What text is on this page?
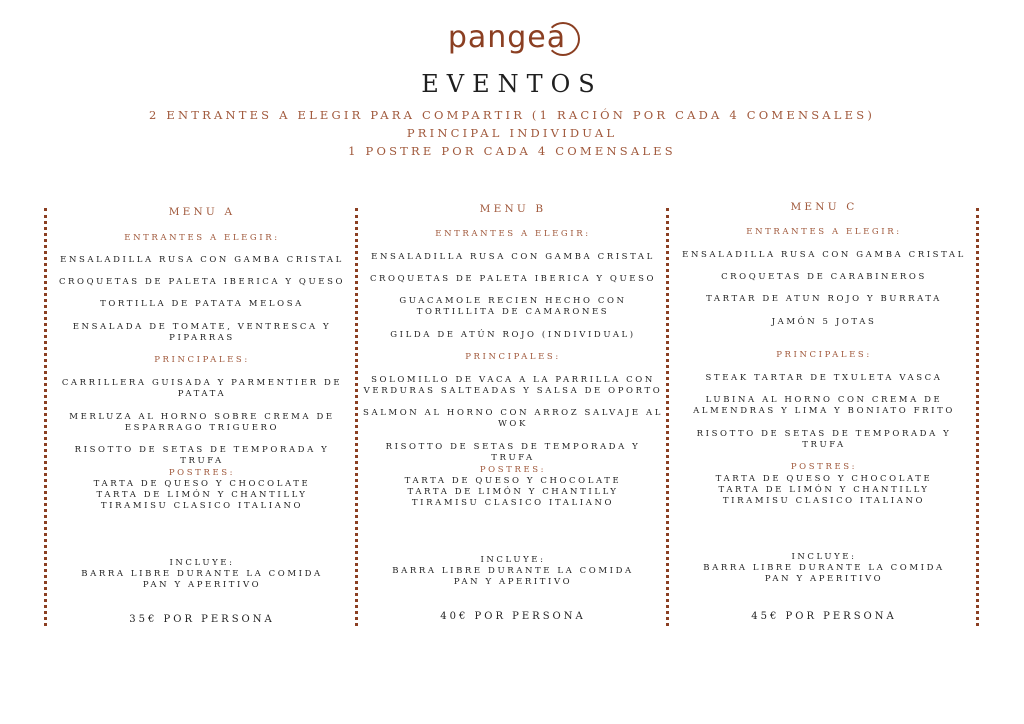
pangea
EVENTOS
2 ENTRANTES A ELEGIR PARA COMPARTIR (1 RACIÓN POR CADA 4 COMENSALES)
PRINCIPAL INDIVIDUAL
1 POSTRE POR CADA 4 COMENSALES
MENU A
ENTRANTES A ELEGIR:
ENSALADILLA RUSA CON GAMBA CRISTAL
CROQUETAS DE PALETA IBERICA Y QUESO
TORTILLA DE PATATA MELOSA
ENSALADA DE TOMATE, VENTRESCA Y
PIPARRAS
PRINCIPALES:
CARRILLERA GUISADA Y PARMENTIER DE
PATATA
MERLUZA AL HORNO SOBRE CREMA DE
ESPARRAGO TRIGUERO
RISOTTO DE SETAS DE TEMPORADA Y TRUFA
POSTRES:
TARTA DE QUESO Y CHOCOLATE
TARTA DE LIMÓN Y CHANTILLY
TIRAMISU CLASICO ITALIANO
INCLUYE:
BARRA LIBRE DURANTE LA COMIDA
PAN Y APERITIVO
35€ POR PERSONA
MENU B
ENTRANTES A ELEGIR:
ENSALADILLA RUSA CON GAMBA CRISTAL
CROQUETAS DE PALETA IBERICA Y QUESO
GUACAMOLE RECIEN HECHO CON
TORTILLITA DE CAMARONES
GILDA DE ATÚN ROJO (INDIVIDUAL)
PRINCIPALES:
SOLOMILLO DE VACA A LA PARRILLA CON
VERDURAS SALTEADAS Y SALSA DE OPORTO
SALMON AL HORNO CON ARROZ SALVAJE AL
WOK
RISOTTO DE SETAS DE TEMPORADA Y TRUFA
POSTRES:
TARTA DE QUESO Y CHOCOLATE
TARTA DE LIMÓN Y CHANTILLY
TIRAMISU CLASICO ITALIANO
INCLUYE:
BARRA LIBRE DURANTE LA COMIDA
PAN Y APERITIVO
40€ POR PERSONA
MENU C
ENTRANTES A ELEGIR:
ENSALADILLA RUSA CON GAMBA CRISTAL
CROQUETAS DE CARABINEROS
TARTAR DE ATUN ROJO Y BURRATA
JAMÓN 5 JOTAS
PRINCIPALES:
STEAK TARTAR DE TXULETA VASCA
LUBINA AL HORNO CON CREMA DE
ALMENDRAS Y LIMA Y BONIATO FRITO
RISOTTO DE SETAS DE TEMPORADA Y TRUFA
POSTRES:
TARTA DE QUESO Y CHOCOLATE
TARTA DE LIMÓN Y CHANTILLY
TIRAMISU CLASICO ITALIANO
INCLUYE:
BARRA LIBRE DURANTE LA COMIDA
PAN Y APERITIVO
45€ POR PERSONA
